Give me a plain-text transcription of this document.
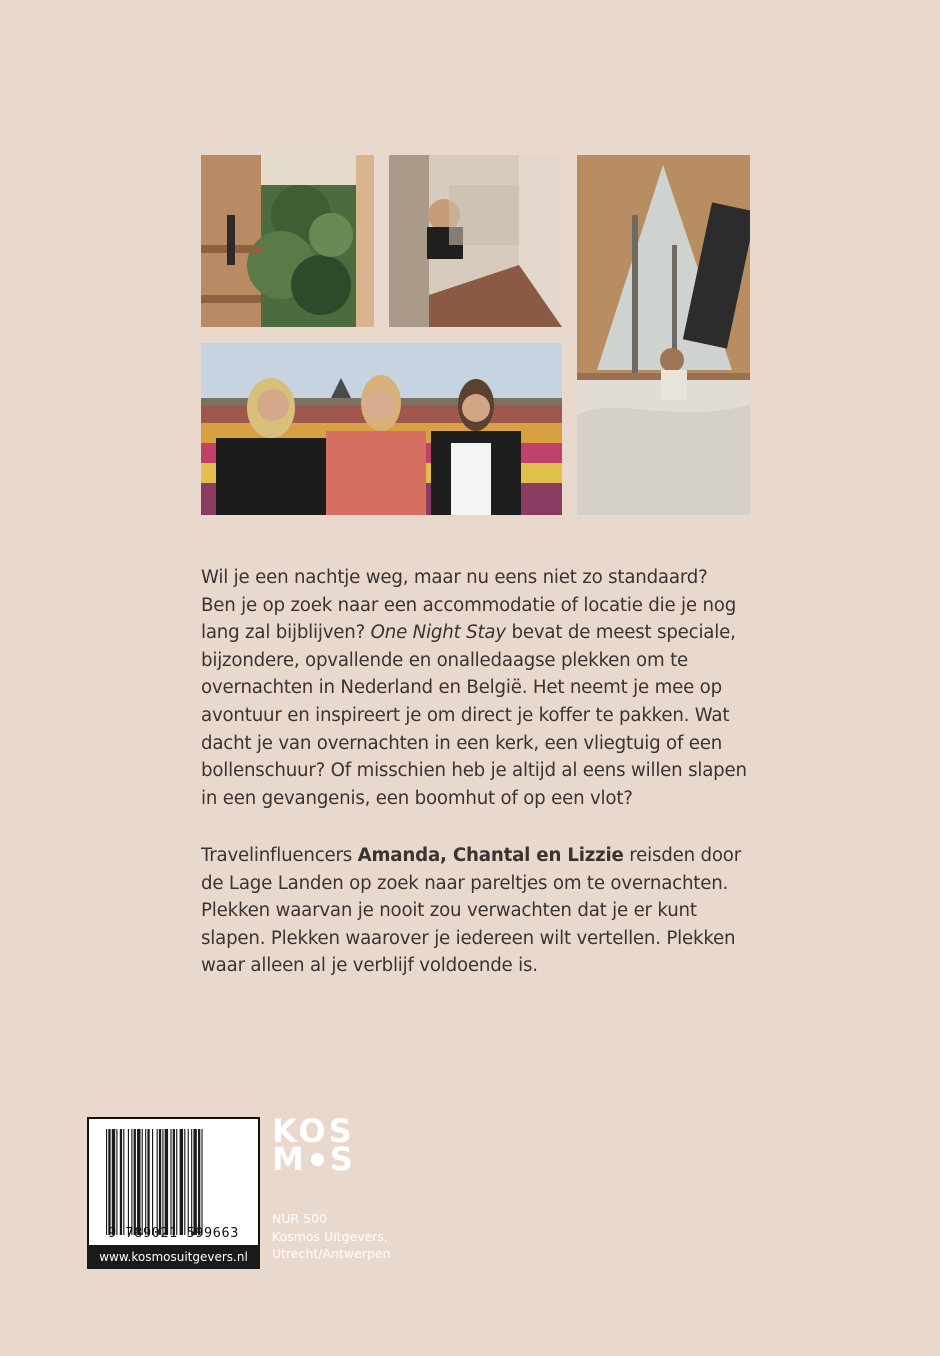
Wil je een nachtje weg, maar nu eens niet zo standaard?
Ben je op zoek naar een accommodatie of locatie die je nog
lang zal bijblijven? One Night Stay bevat de meest speciale,
bijzondere, opvallende en onalledaagse plekken om te
overnachten in Nederland en België. Het neemt je mee op
avontuur en inspireert je om direct je koffer te pakken. Wat
dacht je van overnachten in een kerk, een vliegtuig of een
bollenschuur? Of misschien heb je altijd al eens willen slapen
in een gevangenis, een boomhut of op een vlot?
Travelinfluencers Amanda, Chantal en Lizzie reisden door
de Lage Landen op zoek naar pareltjes om te overnachten.
Plekken waarvan je nooit zou verwachten dat je er kunt
slapen. Plekken waarover je iedereen wilt vertellen. Plekken
waar alleen al je verblijf voldoende is.
9 789021 599663
www.kosmosuitgevers.nl
KOS
M S
NUR 500
Kosmos Uitgevers,
Utrecht/Antwerpen
